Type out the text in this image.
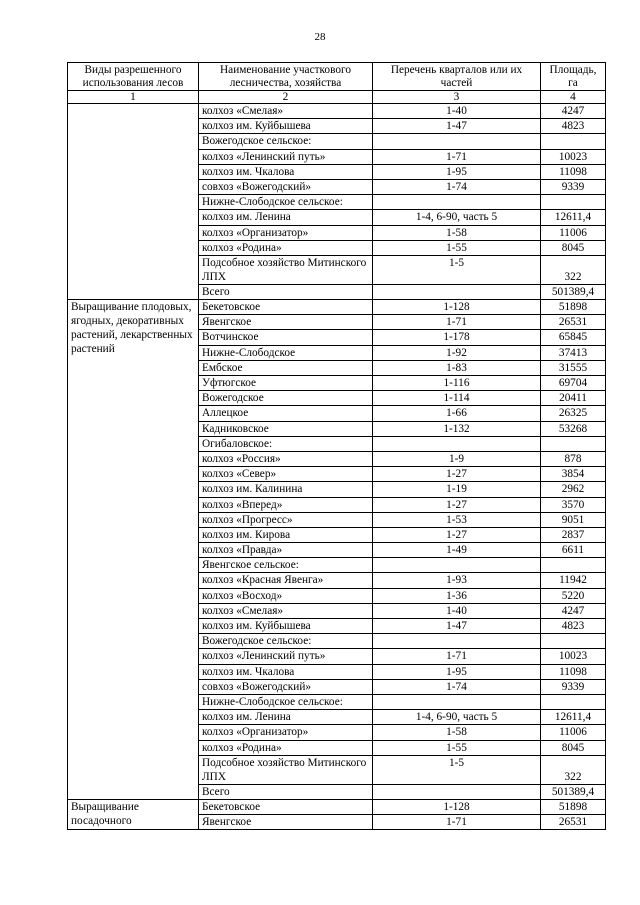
28
Виды разрешенного использования лесов	Наименование участкового лесничества, хозяйства	Перечень кварталов или их частей	Площадь, га
1	2	3	4
	колхоз «Смелая»	1-40	4247
	колхоз им. Куйбышева	1-47	4823
	Вожегодское сельское:		
	колхоз «Ленинский путь»	1-71	10023
	колхоз им. Чкалова	1-95	11098
	совхоз «Вожегодский»	1-74	9339
	Нижне-Слободское сельское:		
	колхоз им. Ленина	1-4, 6-90, часть 5	12611,4
	колхоз «Организатор»	1-58	11006
	колхоз «Родина»	1-55	8045
	Подсобное хозяйство Митинского ЛПХ	1-5	322
	Всего		501389,4
Выращивание плодовых, ягодных, декоративных растений, лекарственных растений	Бекетовское	1-128	51898
	Явенгское	1-71	26531
	Вотчинское	1-178	65845
	Нижне-Слободское	1-92	37413
	Ембское	1-83	31555
	Уфтюгское	1-116	69704
	Вожегодское	1-114	20411
	Аллецкое	1-66	26325
	Кадниковское	1-132	53268
	Огибаловское:		
	колхоз «Россия»	1-9	878
	колхоз «Север»	1-27	3854
	колхоз им. Калинина	1-19	2962
	колхоз «Вперед»	1-27	3570
	колхоз «Прогресс»	1-53	9051
	колхоз им. Кирова	1-27	2837
	колхоз «Правда»	1-49	6611
	Явенгское сельское:		
	колхоз «Красная Явенга»	1-93	11942
	колхоз «Восход»	1-36	5220
	колхоз «Смелая»	1-40	4247
	колхоз им. Куйбышева	1-47	4823
	Вожегодское сельское:		
	колхоз «Ленинский путь»	1-71	10023
	колхоз им. Чкалова	1-95	11098
	совхоз «Вожегодский»	1-74	9339
	Нижне-Слободское сельское:		
	колхоз им. Ленина	1-4, 6-90, часть 5	12611,4
	колхоз «Организатор»	1-58	11006
	колхоз «Родина»	1-55	8045
	Подсобное хозяйство Митинского ЛПХ	1-5	322
	Всего		501389,4
Выращивание посадочного	Бекетовское	1-128	51898
	Явенгское	1-71	26531
